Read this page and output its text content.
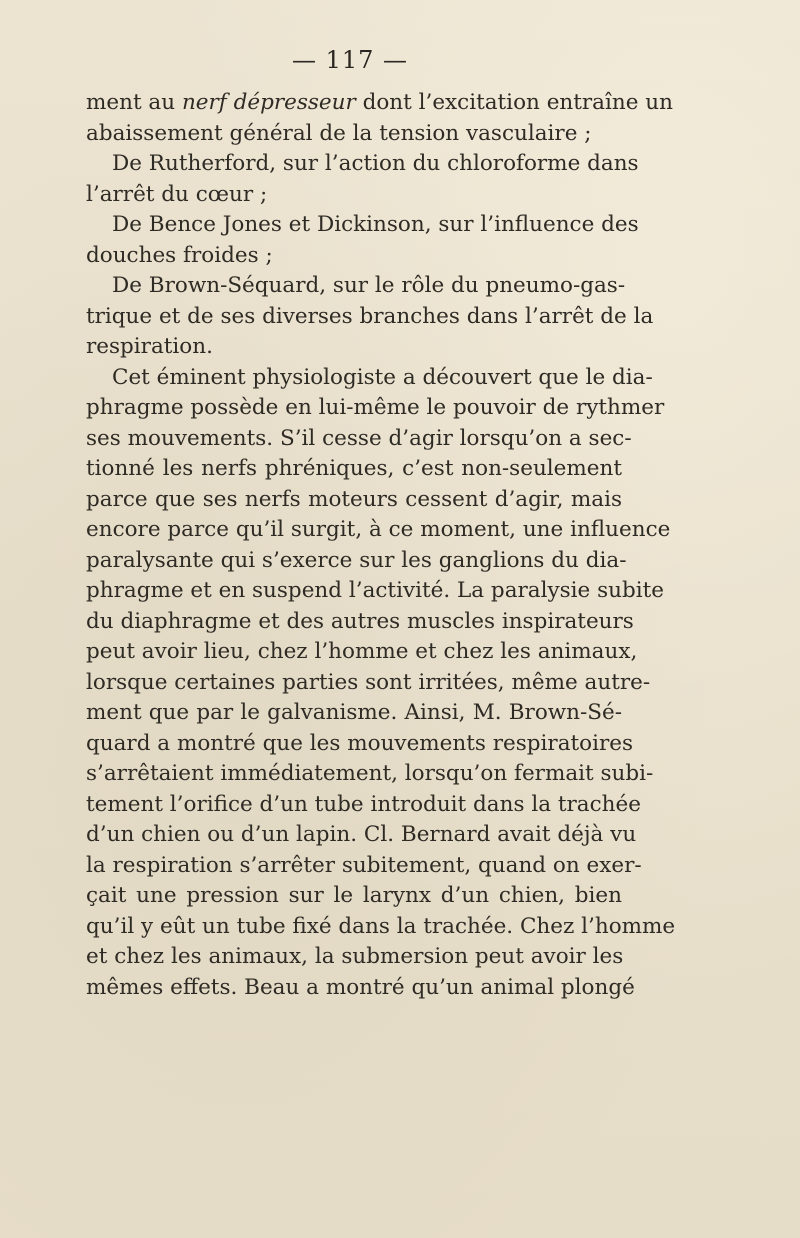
— 117 —
ment au nerf dépresseur dont l’excitation entraîne un
abaissement général de la tension vasculaire ;
De Rutherford, sur l’action du chloroforme dans
l’arrêt du cœur ;
De Bence Jones et Dickinson, sur l’influence des
douches froides ;
De Brown-Séquard, sur le rôle du pneumo-gas-
trique et de ses diverses branches dans l’arrêt de la
respiration.
Cet éminent physiologiste a découvert que le dia-
phragme possède en lui-même le pouvoir de rythmer
ses mouvements. S’il cesse d’agir lorsqu’on a sec-
tionné les nerfs phréniques, c’est non-seulement
parce que ses nerfs moteurs cessent d’agir, mais
encore parce qu’il surgit, à ce moment, une influence
paralysante qui s’exerce sur les ganglions du dia-
phragme et en suspend l’activité. La paralysie subite
du diaphragme et des autres muscles inspirateurs
peut avoir lieu, chez l’homme et chez les animaux,
lorsque certaines parties sont irritées, même autre-
ment que par le galvanisme. Ainsi, M. Brown-Sé-
quard a montré que les mouvements respiratoires
s’arrêtaient immédiatement, lorsqu’on fermait subi-
tement l’orifice d’un tube introduit dans la trachée
d’un chien ou d’un lapin. Cl. Bernard avait déjà vu
la respiration s’arrêter subitement, quand on exer-
çait une pression sur le larynx d’un chien, bien
qu’il y eût un tube fixé dans la trachée. Chez l’homme
et chez les animaux, la submersion peut avoir les
mêmes effets. Beau a montré qu’un animal plongé
